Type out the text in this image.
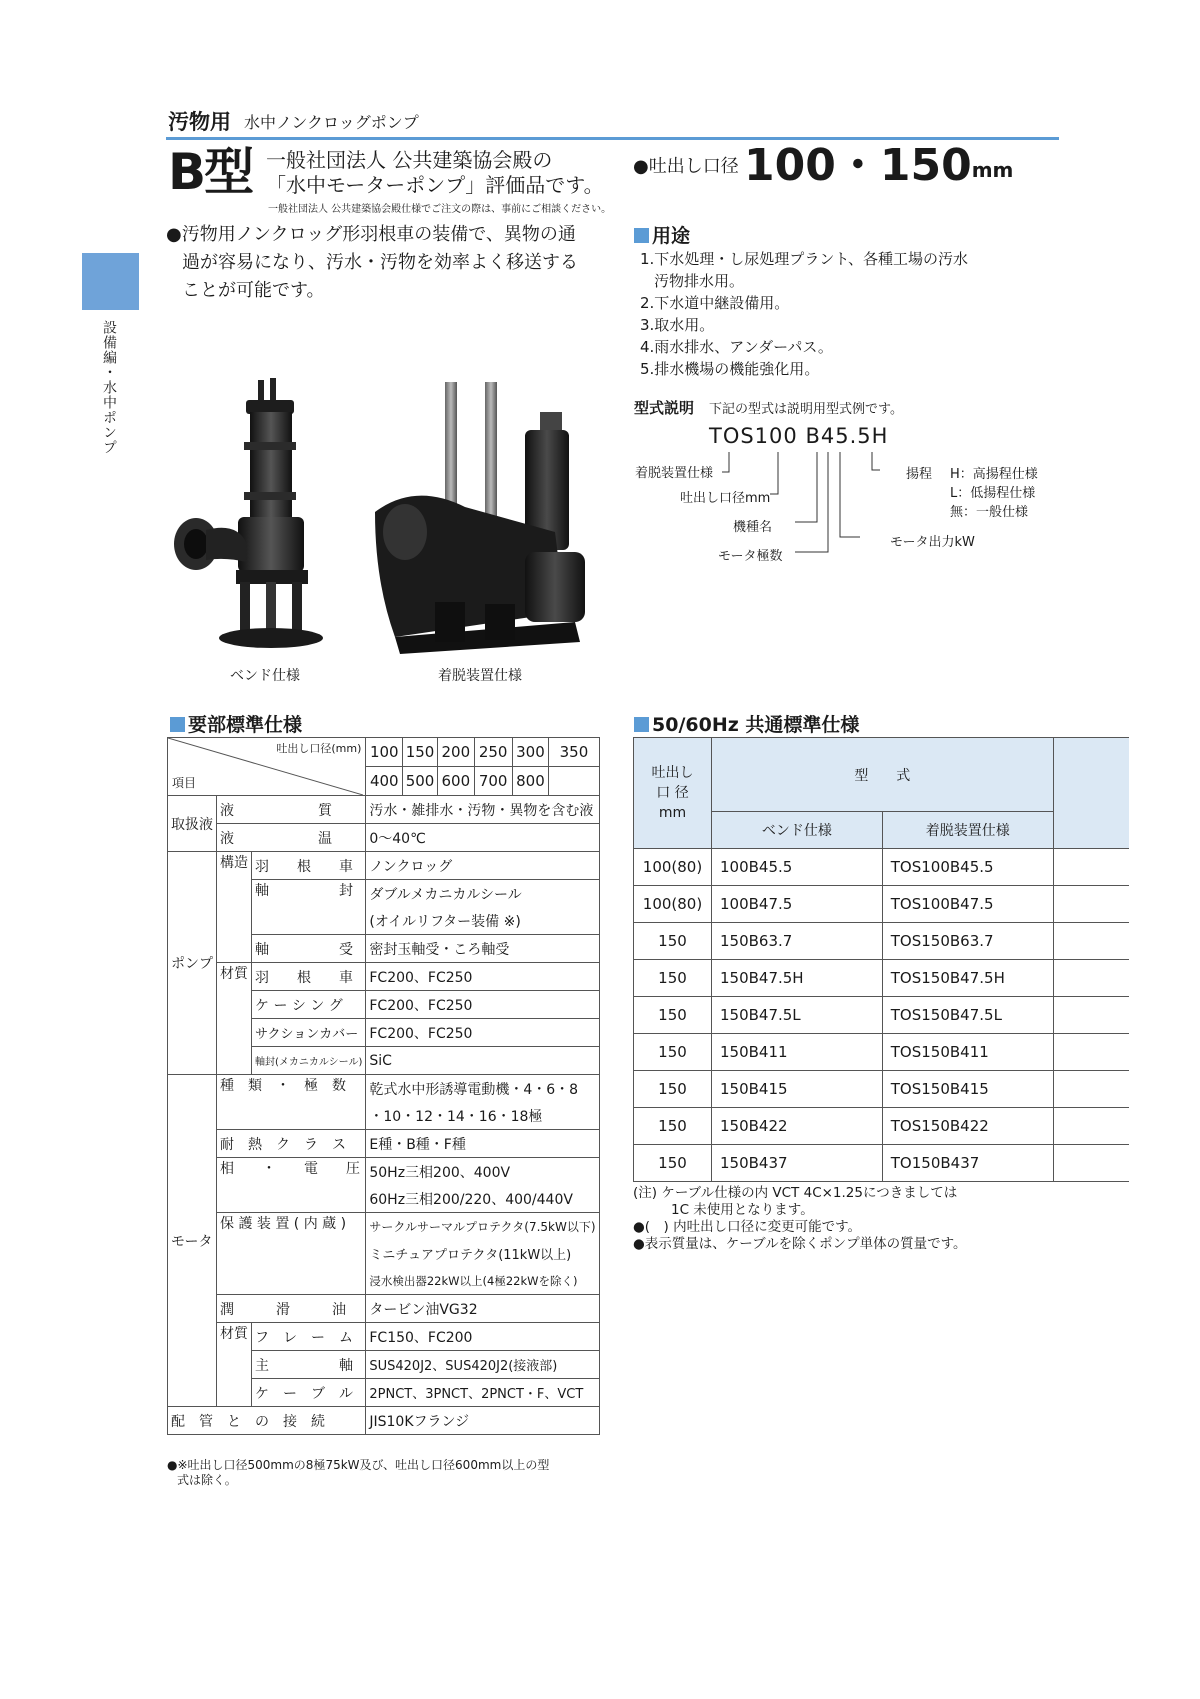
汚物用 水中ノンクロッグポンプ
設備編・水中ポンプ
B型 一般社団法人 公共建築協会殿の
「水中モーターポンプ」評価品です。
一般社団法人 公共建築協会殿仕様でご注文の際は、事前にご相談ください。
●吐出し口径 100・$150^{mm}$

●汚物用ノンクロッグ形羽根車の装備で、異物の通

過が容易になり、汚水・汚物を効率よく移送する

ことが可能です。

用途
1.下水処理・し尿処理プラント、各種工場の汚水
汚物排水用。
2.下水道中継設備用。
3.取水用。
4.雨水排水、アンダーパス。
5.排水機場の機能強化用。
型式説明　 下記の型式は説明用型式例です。
TOS100 B45.5H
着脱装置仕様
吐出し口径mm
機種名
モータ極数
モータ出力kW
揚程 H：高揚程仕様
L：低揚程仕様
無：一般仕様
ベンド仕様	着脱装置仕様
要部標準仕様
吐出し口径(mm)
項目			100	150	200	250	300	350
			400	500	600	700	800	
取扱液	液　　　　　　質		汚水・雑排水・汚物・異物を含む液					
	液　　　　　　温		0～40℃					
ポンプ	構造	羽　　根　　車	ノンクロッグ					
		軸　　　　　封	ダブルメカニカルシール					
			(オイルリフター装備 ※)					
		軸　　　　　受	密封玉軸受・ころ軸受					
	材質	羽　　根　　車	FC200、FC250					
		ケ ー シ ン グ	FC200、FC250					
		サクションカバー	FC200、FC250					
		軸封(メカニカルシール)	SiC					
モータ	種　類　・　極　数		乾式水中形誘導電動機・4・6・8					
			・10・12・14・16・18極					
	耐　熱　ク　ラ　ス		E種・B種・F種					
	相　　・　　電　　圧		50Hz三相200、400V					
			60Hz三相200/220、400/440V					
	保 護 装 置 ( 内 蔵 )		サークルサーマルプロテクタ(7.5kW以下)					
			ミニチュアプロテクタ(11kW以上)					
			浸水検出器22kW以上(4極22kWを除く)					
	潤　　　滑　　　油		タービン油VG32					
	材質	フ　レ　ー　ム	FC150、FC200					
		主　　　　　軸	SUS420J2、SUS420J2(接液部)					
		ケ　ー　ブ　ル	2PNCT、3PNCT、2PNCT・F、VCT					
配　管　と　の　接　続			JIS10Kフランジ					
●※吐出し口径500mmの8極75kW及び、吐出し口径600mm以上の型
式は除く。
50/60Hz 共通標準仕様
吐出し
口 径
mm	型　　式		
	ベンド仕様	着脱装置仕様	
100(80)	100B45.5	TOS100B45.5	
100(80)	100B47.5	TOS100B47.5	
150	150B63.7	TOS150B63.7	
150	150B47.5H	TOS150B47.5H	
150	150B47.5L	TOS150B47.5L	
150	150B411	TOS150B411	
150	150B415	TOS150B415	
150	150B422	TOS150B422	
150	150B437	TO150B437	
(注) ケーブル仕様の内 VCT 4C×1.25につきましては
1C 未使用となります。
●(　) 内吐出し口径に変更可能です。
●表示質量は、ケーブルを除くポンプ単体の質量です。
